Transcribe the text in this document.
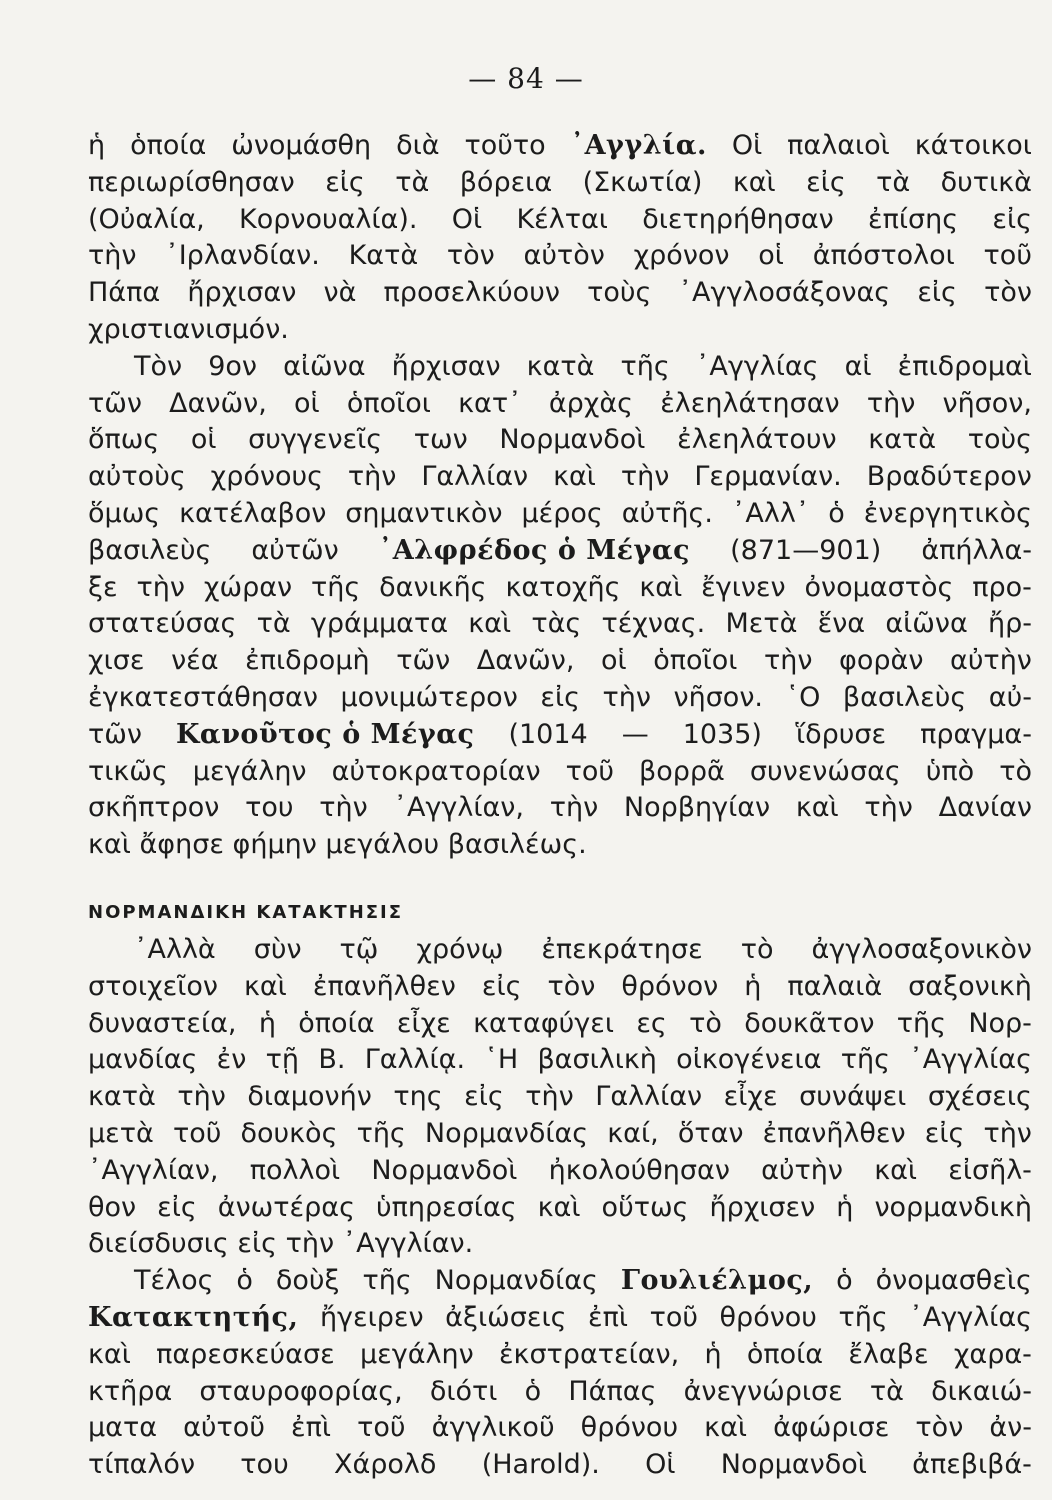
— 84 —
ἡ ὁποία ὠνομάσθη διὰ τοῦτο ᾿Αγγλία. Οἱ παλαιοὶ κάτοικοι
περιωρίσθησαν εἰς τὰ βόρεια (Σκωτία) καὶ εἰς τὰ δυτικὰ
(Οὐαλία, Κορνουαλία). Οἱ Κέλται διετηρήθησαν ἐπίσης εἰς
τὴν ᾿Ιρλανδίαν. Κατὰ τὸν αὐτὸν χρόνον οἱ ἀπόστολοι τοῦ
Πάπα ἤρχισαν νὰ προσελκύουν τοὺς ᾿Αγγλοσάξονας εἰς τὸν
χριστιανισμόν.
Τὸν 9ον αἰῶνα ἤρχισαν κατὰ τῆς ᾿Αγγλίας αἱ ἐπιδρομαὶ
τῶν Δανῶν, οἱ ὁποῖοι κατ᾿ ἀρχὰς ἐλεηλάτησαν τὴν νῆσον,
ὅπως οἱ συγγενεῖς των Νορμανδοὶ ἐλεηλάτουν κατὰ τοὺς
αὐτοὺς χρόνους τὴν Γαλλίαν καὶ τὴν Γερμανίαν. Βραδύτερον
ὅμως κατέλαβον σημαντικὸν μέρος αὐτῆς. ᾿Αλλ᾿ ὁ ἐνεργητικὸς
βασιλεὺς αὐτῶν ᾿Αλφρέδος ὁ Μέγας (871—901) ἀπήλλα-
ξε τὴν χώραν τῆς δανικῆς κατοχῆς καὶ ἔγινεν ὀνομαστὸς προ-
στατεύσας τὰ γράμματα καὶ τὰς τέχνας. Μετὰ ἕνα αἰῶνα ἤρ-
χισε νέα ἐπιδρομὴ τῶν Δανῶν, οἱ ὁποῖοι τὴν φορὰν αὐτὴν
ἐγκατεστάθησαν μονιμώτερον εἰς τὴν νῆσον. ῾Ο βασιλεὺς αὐ-
τῶν Κανοῦτος ὁ Μέγας (1014 — 1035) ἵδρυσε πραγμα-
τικῶς μεγάλην αὐτοκρατορίαν τοῦ βορρᾶ συνενώσας ὑπὸ τὸ
σκῆπτρον του τὴν ᾿Αγγλίαν, τὴν Νορβηγίαν καὶ τὴν Δανίαν
καὶ ἄφησε φήμην μεγάλου βασιλέως.
ΝΟΡΜΑΝΔΙΚΗ ΚΑΤΑΚΤΗΣΙΣ
᾿Αλλὰ σὺν τῷ χρόνῳ ἐπεκράτησε τὸ ἀγγλοσαξονικὸν
στοιχεῖον καὶ ἐπανῆλθεν εἰς τὸν θρόνον ἡ παλαιὰ σαξονικὴ
δυναστεία, ἡ ὁποία εἶχε καταφύγει ες τὸ δουκᾶτον τῆς Νορ-
μανδίας ἐν τῇ Β. Γαλλίᾳ. ῾Η βασιλικὴ οἰκογένεια τῆς ᾿Αγγλίας
κατὰ τὴν διαμονήν της εἰς τὴν Γαλλίαν εἶχε συνάψει σχέσεις
μετὰ τοῦ δουκὸς τῆς Νορμανδίας καί, ὅταν ἐπανῆλθεν εἰς τὴν
᾿Αγγλίαν, πολλοὶ Νορμανδοὶ ἠκολούθησαν αὐτὴν καὶ εἰσῆλ-
θον εἰς ἀνωτέρας ὑπηρεσίας καὶ οὕτως ἤρχισεν ἡ νορμανδικὴ
διείσδυσις εἰς τὴν ᾿Αγγλίαν.
Τέλος ὁ δοὺξ τῆς Νορμανδίας Γουλιέλμος, ὁ ὀνομασθεὶς
Κατακτητής, ἤγειρεν ἀξιώσεις ἐπὶ τοῦ θρόνου τῆς ᾿Αγγλίας
καὶ παρεσκεύασε μεγάλην ἐκστρατείαν, ἡ ὁποία ἔλαβε χαρα-
κτῆρα σταυροφορίας, διότι ὁ Πάπας ἀνεγνώρισε τὰ δικαιώ-
ματα αὐτοῦ ἐπὶ τοῦ ἀγγλικοῦ θρόνου καὶ ἀφώρισε τὸν ἀν-
τίπαλόν του Χάρολδ (Harold). Οἱ Νορμανδοὶ ἀπεβιβά-
